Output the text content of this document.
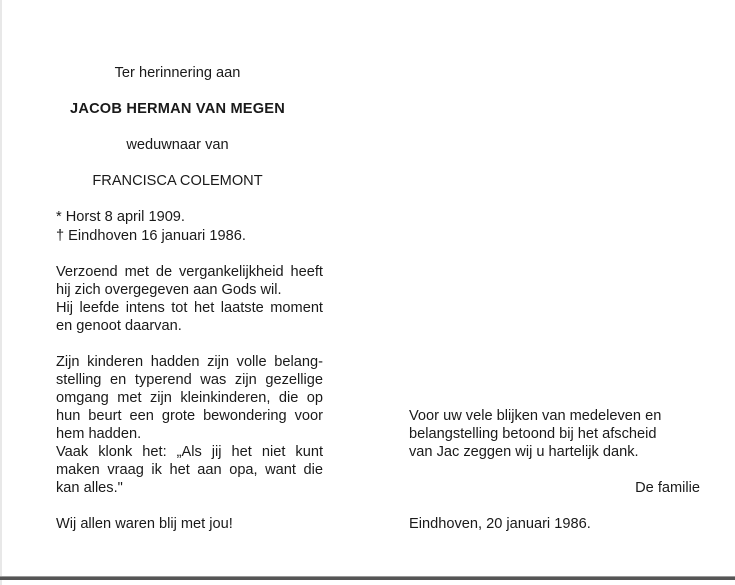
Ter herinnering aan
JACOB HERMAN VAN MEGEN
weduwnaar van
FRANCISCA COLEMONT
* Horst 8 april 1909.
† Eindhoven 16 januari 1986.
Verzoend met de vergankelijkheid heeft
hij zich overgegeven aan Gods wil.
Hij leefde intens tot het laatste moment
en genoot daarvan.
Zijn kinderen hadden zijn volle belang-
stelling en typerend was zijn gezellige
omgang met zijn kleinkinderen, die op
hun beurt een grote bewondering voor
hem hadden.
Vaak klonk het: „Als jij het niet kunt
maken vraag ik het aan opa, want die
kan alles."
Wij allen waren blij met jou!
Voor uw vele blijken van medeleven en
belangstelling betoond bij het afscheid
van Jac zeggen wij u hartelijk dank.
De familie
Eindhoven, 20 januari 1986.
